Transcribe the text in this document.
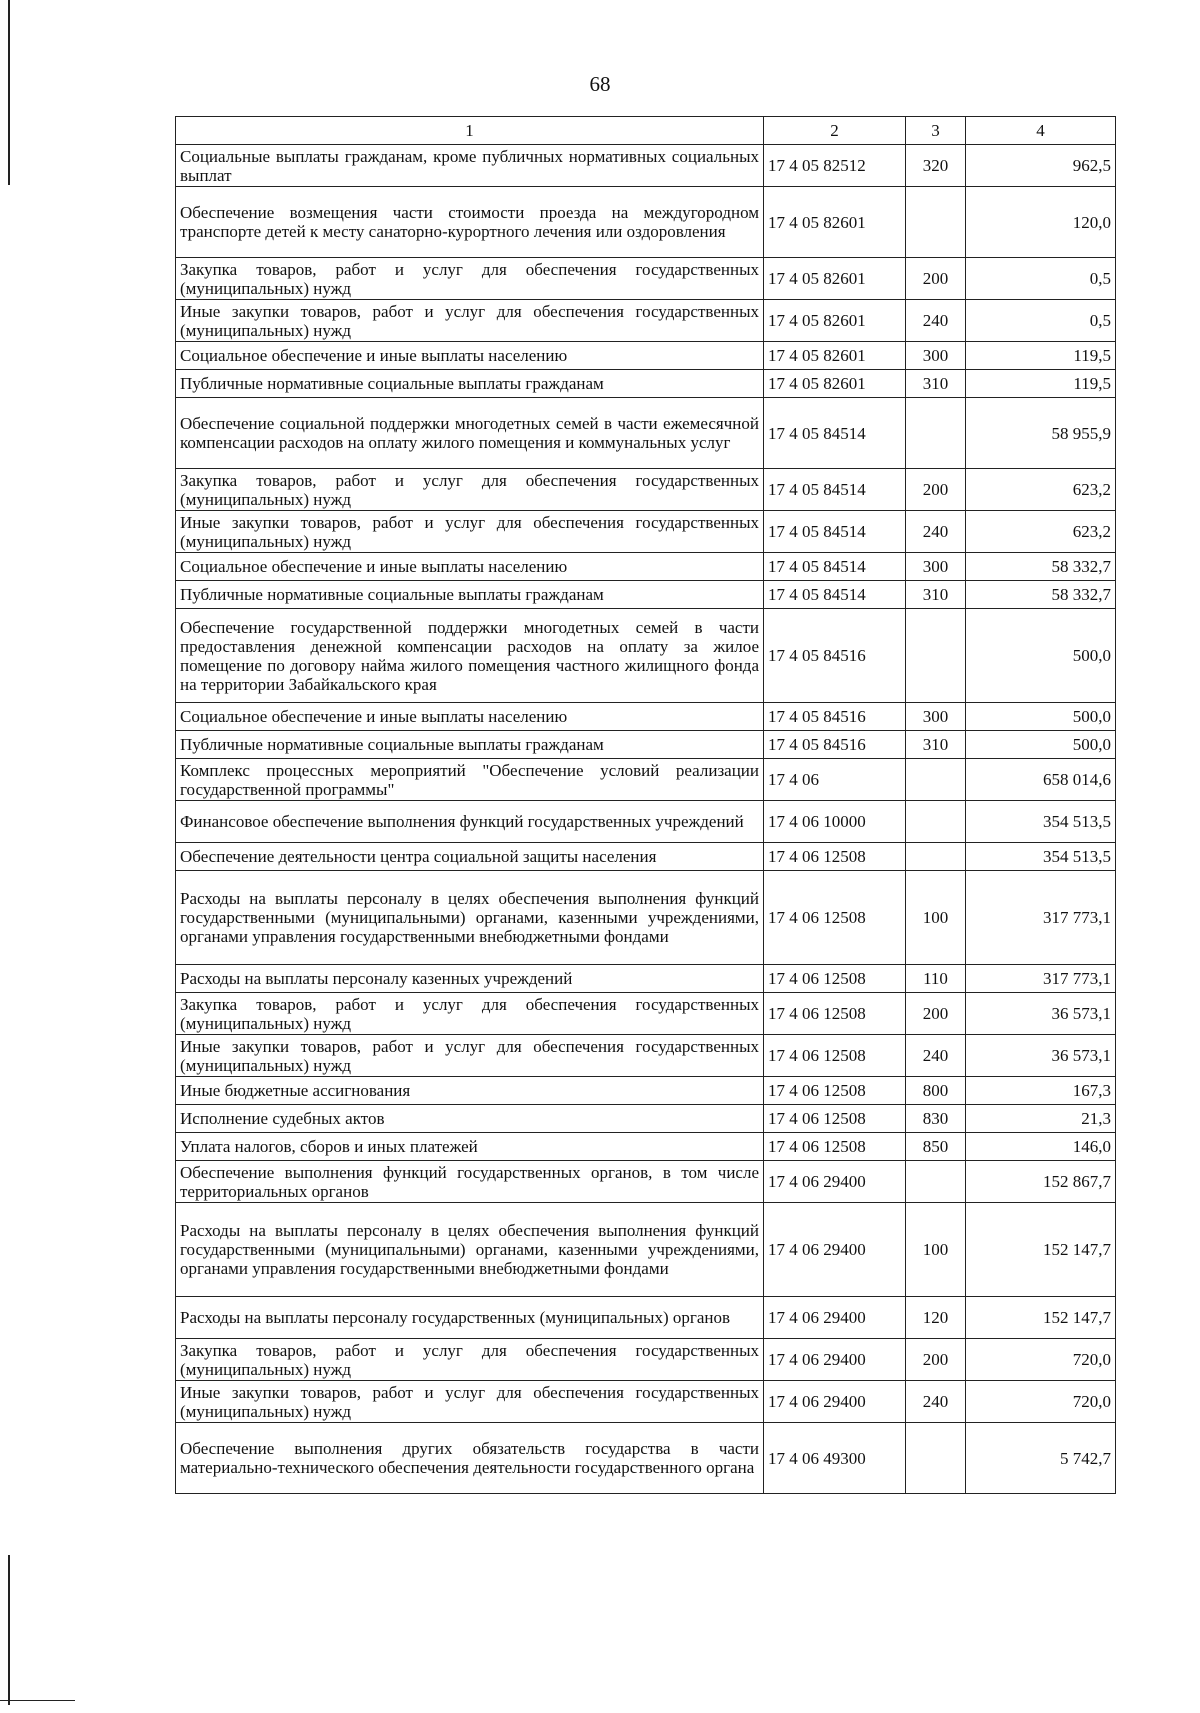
68
1	2	3	4
Социальные выплаты гражданам, кроме публичных нормативных социальных выплат	17 4 05 82512	320	962,5
Обеспечение возмещения части стоимости проезда на междугородном транспорте детей к месту санаторно-курортного лечения или оздоровления	17 4 05 82601		120,0
Закупка товаров, работ и услуг для обеспечения государственных (муниципальных) нужд	17 4 05 82601	200	0,5
Иные закупки товаров, работ и услуг для обеспечения государственных (муниципальных) нужд	17 4 05 82601	240	0,5
Социальное обеспечение и иные выплаты населению	17 4 05 82601	300	119,5
Публичные нормативные социальные выплаты гражданам	17 4 05 82601	310	119,5
Обеспечение социальной поддержки многодетных семей в части ежемесячной компенсации расходов на оплату жилого помещения и коммунальных услуг	17 4 05 84514		58 955,9
Закупка товаров, работ и услуг для обеспечения государственных (муниципальных) нужд	17 4 05 84514	200	623,2
Иные закупки товаров, работ и услуг для обеспечения государственных (муниципальных) нужд	17 4 05 84514	240	623,2
Социальное обеспечение и иные выплаты населению	17 4 05 84514	300	58 332,7
Публичные нормативные социальные выплаты гражданам	17 4 05 84514	310	58 332,7
Обеспечение государственной поддержки многодетных семей в части предоставления денежной компенсации расходов на оплату за жилое помещение по договору найма жилого помещения частного жилищного фонда на территории Забайкальского края	17 4 05 84516		500,0
Социальное обеспечение и иные выплаты населению	17 4 05 84516	300	500,0
Публичные нормативные социальные выплаты гражданам	17 4 05 84516	310	500,0
Комплекс процессных мероприятий "Обеспечение условий реализации государственной программы"	17 4 06		658 014,6
Финансовое обеспечение выполнения функций государственных учреждений	17 4 06 10000		354 513,5
Обеспечение деятельности центра социальной защиты населения	17 4 06 12508		354 513,5
Расходы на выплаты персоналу в целях обеспечения выполнения функций государственными (муниципальными) органами, казенными учреждениями, органами управления государственными внебюджетными фондами	17 4 06 12508	100	317 773,1
Расходы на выплаты персоналу казенных учреждений	17 4 06 12508	110	317 773,1
Закупка товаров, работ и услуг для обеспечения государственных (муниципальных) нужд	17 4 06 12508	200	36 573,1
Иные закупки товаров, работ и услуг для обеспечения государственных (муниципальных) нужд	17 4 06 12508	240	36 573,1
Иные бюджетные ассигнования	17 4 06 12508	800	167,3
Исполнение судебных актов	17 4 06 12508	830	21,3
Уплата налогов, сборов и иных платежей	17 4 06 12508	850	146,0
Обеспечение выполнения функций государственных органов, в том числе территориальных органов	17 4 06 29400		152 867,7
Расходы на выплаты персоналу в целях обеспечения выполнения функций государственными (муниципальными) органами, казенными учреждениями, органами управления государственными внебюджетными фондами	17 4 06 29400	100	152 147,7
Расходы на выплаты персоналу государственных (муниципальных) органов	17 4 06 29400	120	152 147,7
Закупка товаров, работ и услуг для обеспечения государственных (муниципальных) нужд	17 4 06 29400	200	720,0
Иные закупки товаров, работ и услуг для обеспечения государственных (муниципальных) нужд	17 4 06 29400	240	720,0
Обеспечение выполнения других обязательств государства в части материально-технического обеспечения деятельности государственного органа	17 4 06 49300		5 742,7
